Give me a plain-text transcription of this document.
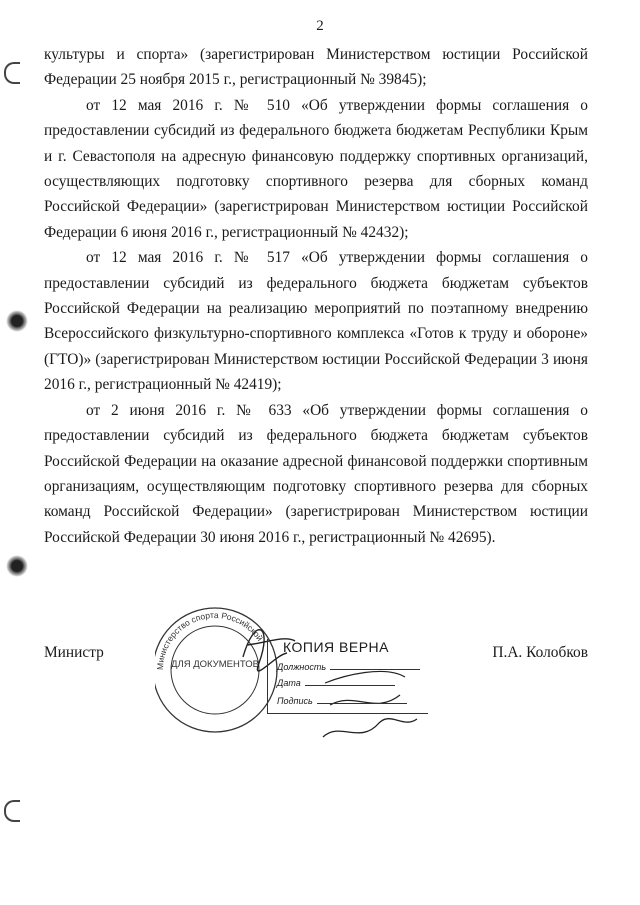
2

культуры и спорта» (зарегистрирован Министерством юстиции Российской Федерации 25 ноября 2015 г., регистрационный № 39845);

от 12 мая 2016 г. № 510 «Об утверждении формы соглашения о предоставлении субсидий из федерального бюджета бюджетам Республики Крым и г. Севастополя на адресную финансовую поддержку спортивных организаций, осуществляющих подготовку спортивного резерва для сборных команд Российской Федерации» (зарегистрирован Министерством юстиции Российской Федерации 6 июня 2016 г., регистрационный № 42432);

от 12 мая 2016 г. № 517 «Об утверждении формы соглашения о предоставлении субсидий из федерального бюджета бюджетам субъектов Российской Федерации на реализацию мероприятий по поэтапному внедрению Всероссийского физкультурно-спортивного комплекса «Готов к труду и обороне» (ГТО)» (зарегистрирован Министерством юстиции Российской Федерации 3 июня 2016 г., регистрационный № 42419);

от 2 июня 2016 г. № 633 «Об утверждении формы соглашения о предоставлении субсидий из федерального бюджета бюджетам субъектов Российской Федерации на оказание адресной финансовой поддержки спортивным организациям, осуществляющим подготовку спортивного резерва для сборных команд Российской Федерации» (зарегистрирован Министерством юстиции Российской Федерации 30 июня 2016 г., регистрационный № 42695).

Министр	П.А. Колобков
Министерство спорта Российской
ДЛЯ ДОКУМЕНТОВ
КОПИЯ ВЕРНА
Должность
Дата
Подпись
